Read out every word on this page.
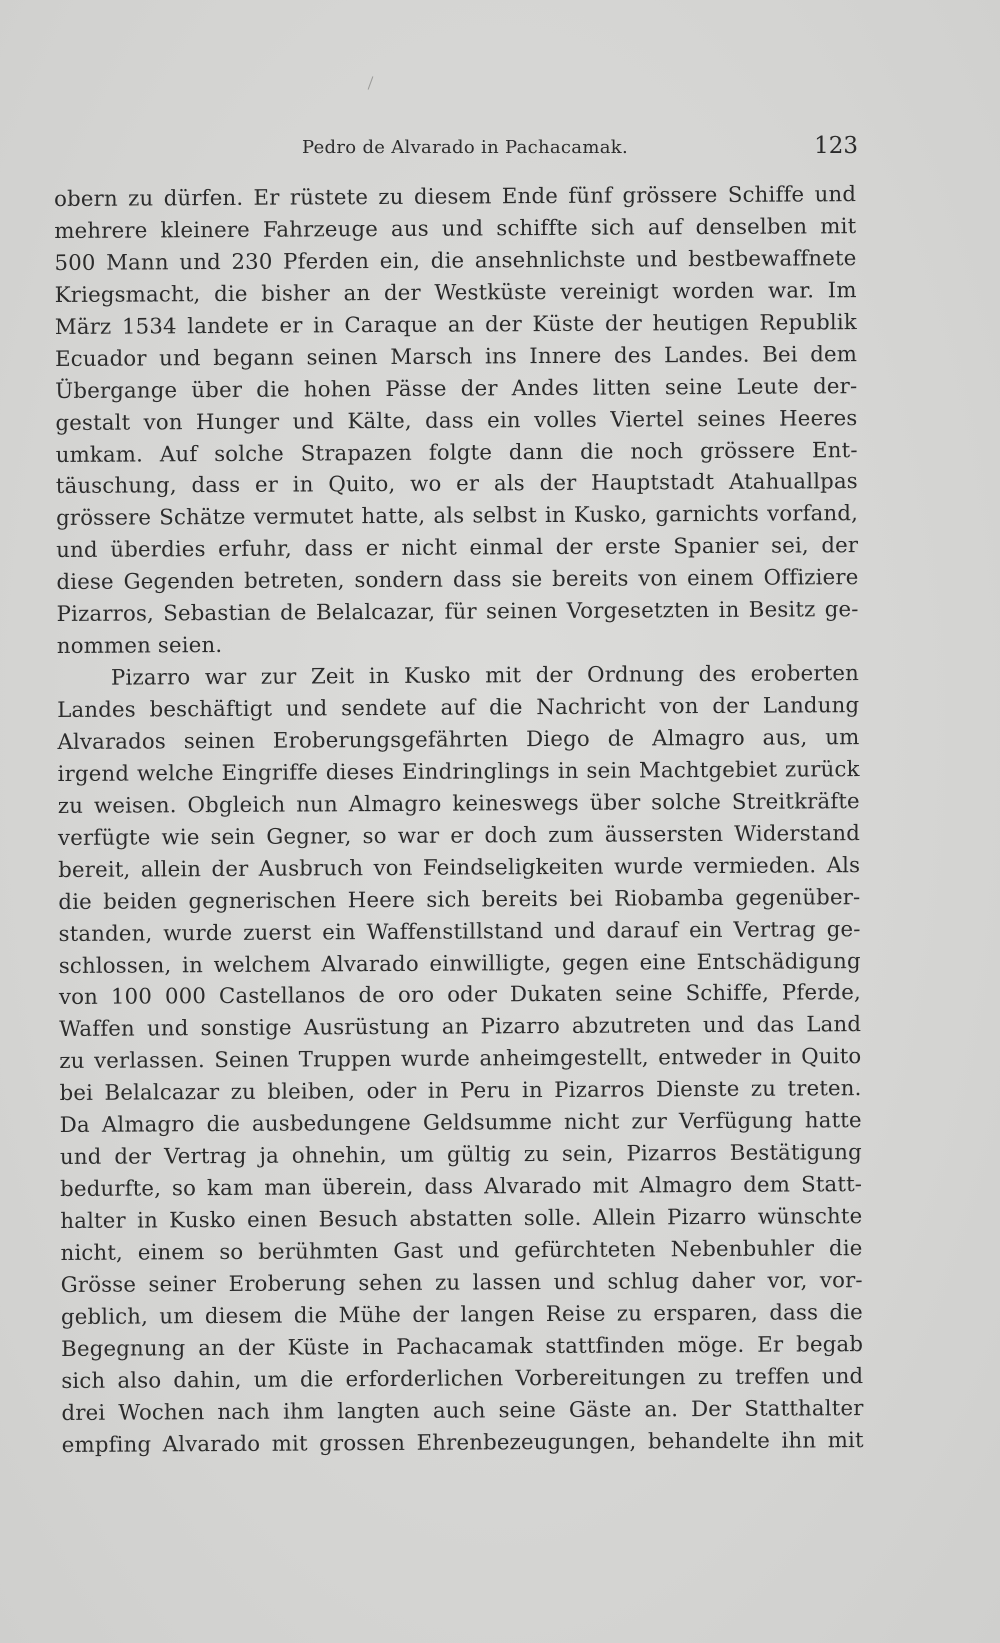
Pedro de Alvarado in Pachacamak.	123
obern zu dürfen. Er rüstete zu diesem Ende fünf grössere Schiffe und
mehrere kleinere Fahrzeuge aus und schiffte sich auf denselben mit
500 Mann und 230 Pferden ein, die ansehnlichste und bestbewaffnete
Kriegsmacht, die bisher an der Westküste vereinigt worden war. Im
März 1534 landete er in Caraque an der Küste der heutigen Republik
Ecuador und begann seinen Marsch ins Innere des Landes. Bei dem
Übergange über die hohen Pässe der Andes litten seine Leute der-
gestalt von Hunger und Kälte, dass ein volles Viertel seines Heeres
umkam. Auf solche Strapazen folgte dann die noch grössere Ent-
täuschung, dass er in Quito, wo er als der Hauptstadt Atahuallpas
grössere Schätze vermutet hatte, als selbst in Kusko, garnichts vorfand,
und überdies erfuhr, dass er nicht einmal der erste Spanier sei, der
diese Gegenden betreten, sondern dass sie bereits von einem Offiziere
Pizarros, Sebastian de Belalcazar, für seinen Vorgesetzten in Besitz ge-
nommen seien.
Pizarro war zur Zeit in Kusko mit der Ordnung des eroberten
Landes beschäftigt und sendete auf die Nachricht von der Landung
Alvarados seinen Eroberungsgefährten Diego de Almagro aus, um
irgend welche Eingriffe dieses Eindringlings in sein Machtgebiet zurück
zu weisen. Obgleich nun Almagro keineswegs über solche Streitkräfte
verfügte wie sein Gegner, so war er doch zum äussersten Widerstand
bereit, allein der Ausbruch von Feindseligkeiten wurde vermieden. Als
die beiden gegnerischen Heere sich bereits bei Riobamba gegenüber-
standen, wurde zuerst ein Waffenstillstand und darauf ein Vertrag ge-
schlossen, in welchem Alvarado einwilligte, gegen eine Entschädigung
von 100 000 Castellanos de oro oder Dukaten seine Schiffe, Pferde,
Waffen und sonstige Ausrüstung an Pizarro abzutreten und das Land
zu verlassen. Seinen Truppen wurde anheimgestellt, entweder in Quito
bei Belalcazar zu bleiben, oder in Peru in Pizarros Dienste zu treten.
Da Almagro die ausbedungene Geldsumme nicht zur Verfügung hatte
und der Vertrag ja ohnehin, um gültig zu sein, Pizarros Bestätigung
bedurfte, so kam man überein, dass Alvarado mit Almagro dem Statt-
halter in Kusko einen Besuch abstatten solle. Allein Pizarro wünschte
nicht, einem so berühmten Gast und gefürchteten Nebenbuhler die
Grösse seiner Eroberung sehen zu lassen und schlug daher vor, vor-
geblich, um diesem die Mühe der langen Reise zu ersparen, dass die
Begegnung an der Küste in Pachacamak stattfinden möge. Er begab
sich also dahin, um die erforderlichen Vorbereitungen zu treffen und
drei Wochen nach ihm langten auch seine Gäste an. Der Statthalter
empfing Alvarado mit grossen Ehrenbezeugungen, behandelte ihn mit
